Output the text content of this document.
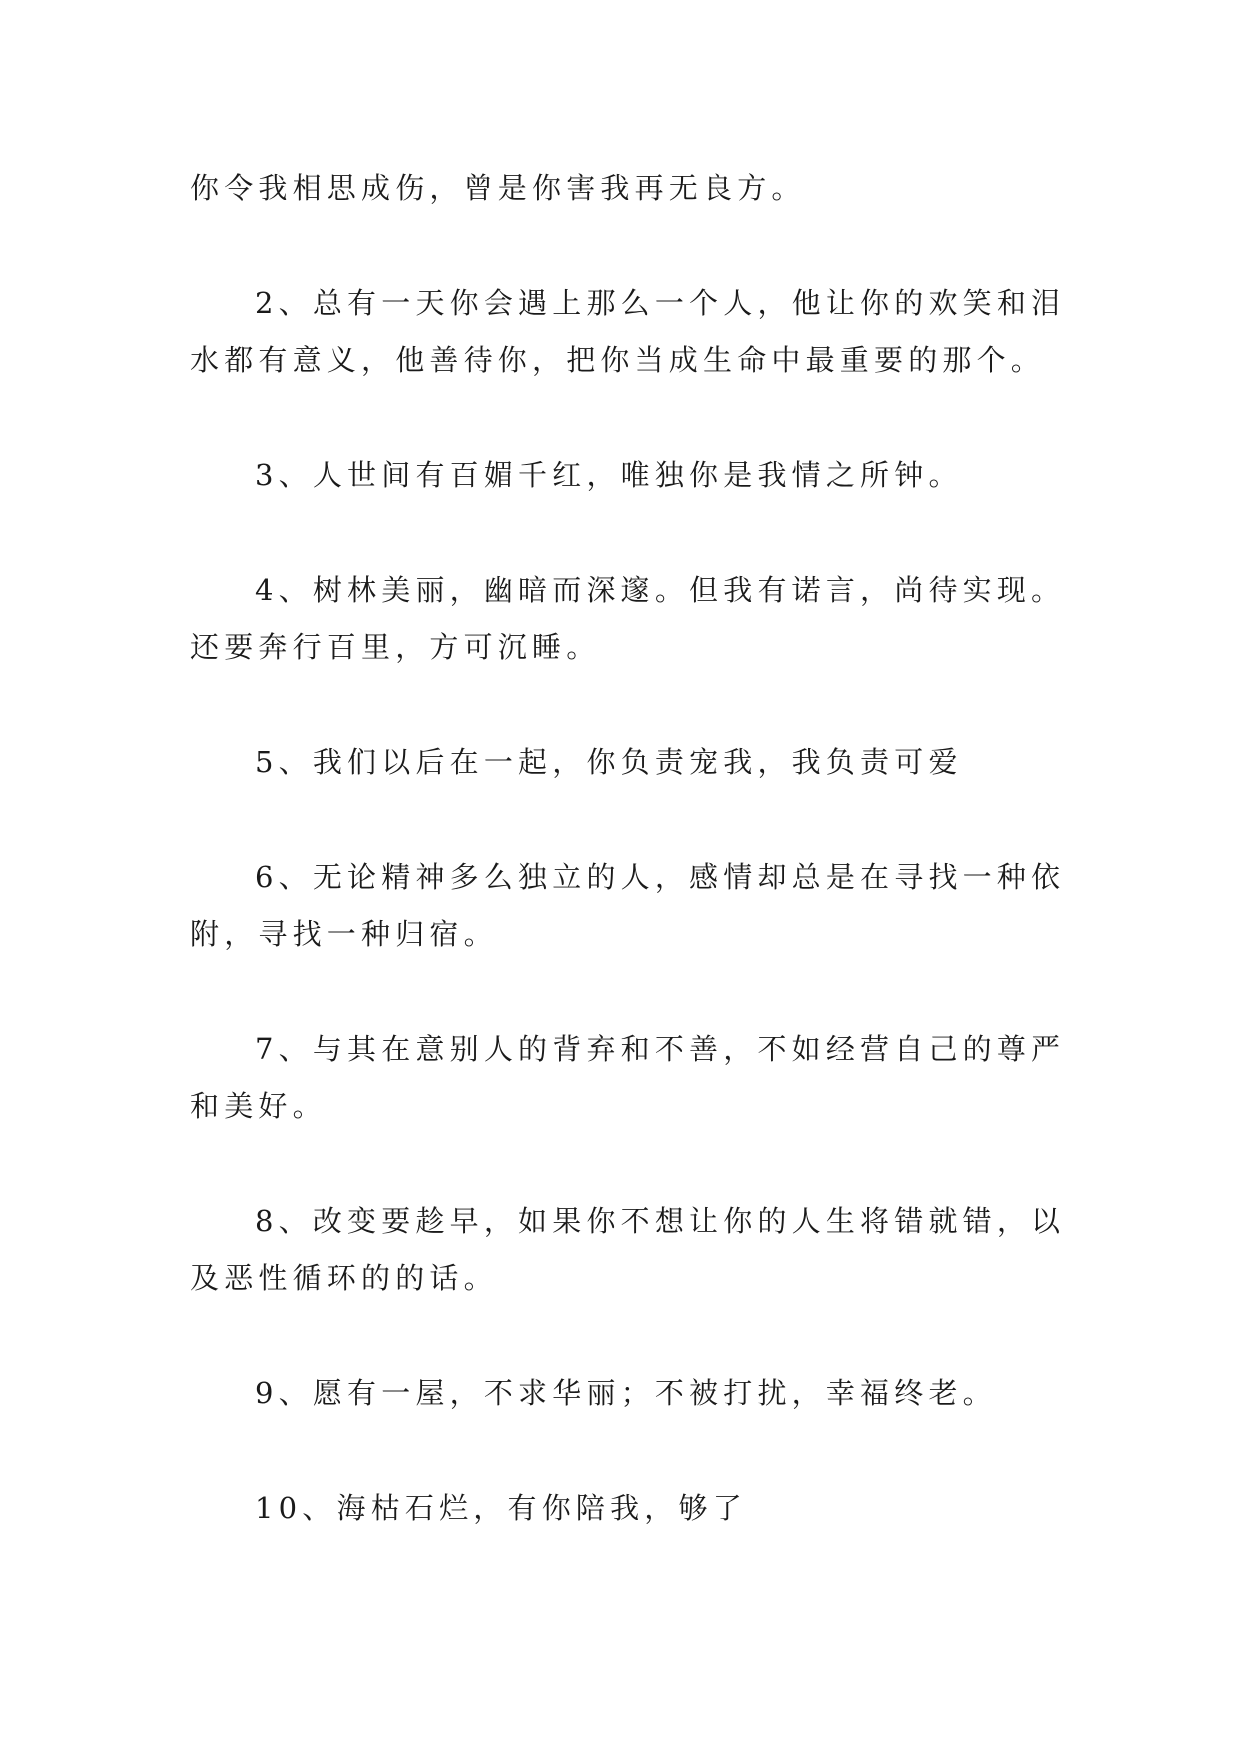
你令我相思成伤，曾是你害我再无良方。
2、总有一天你会遇上那么一个人，他让你的欢笑和泪
水都有意义，他善待你，把你当成生命中最重要的那个。
3、人世间有百媚千红，唯独你是我情之所钟。
4、树林美丽，幽暗而深邃。但我有诺言，尚待实现。
还要奔行百里，方可沉睡。
5、我们以后在一起，你负责宠我，我负责可爱
6、无论精神多么独立的人，感情却总是在寻找一种依
附，寻找一种归宿。
7、与其在意别人的背弃和不善，不如经营自己的尊严
和美好。
8、改变要趁早，如果你不想让你的人生将错就错，以
及恶性循环的的话。
9、愿有一屋，不求华丽；不被打扰，幸福终老。
10、海枯石烂，有你陪我，够了
